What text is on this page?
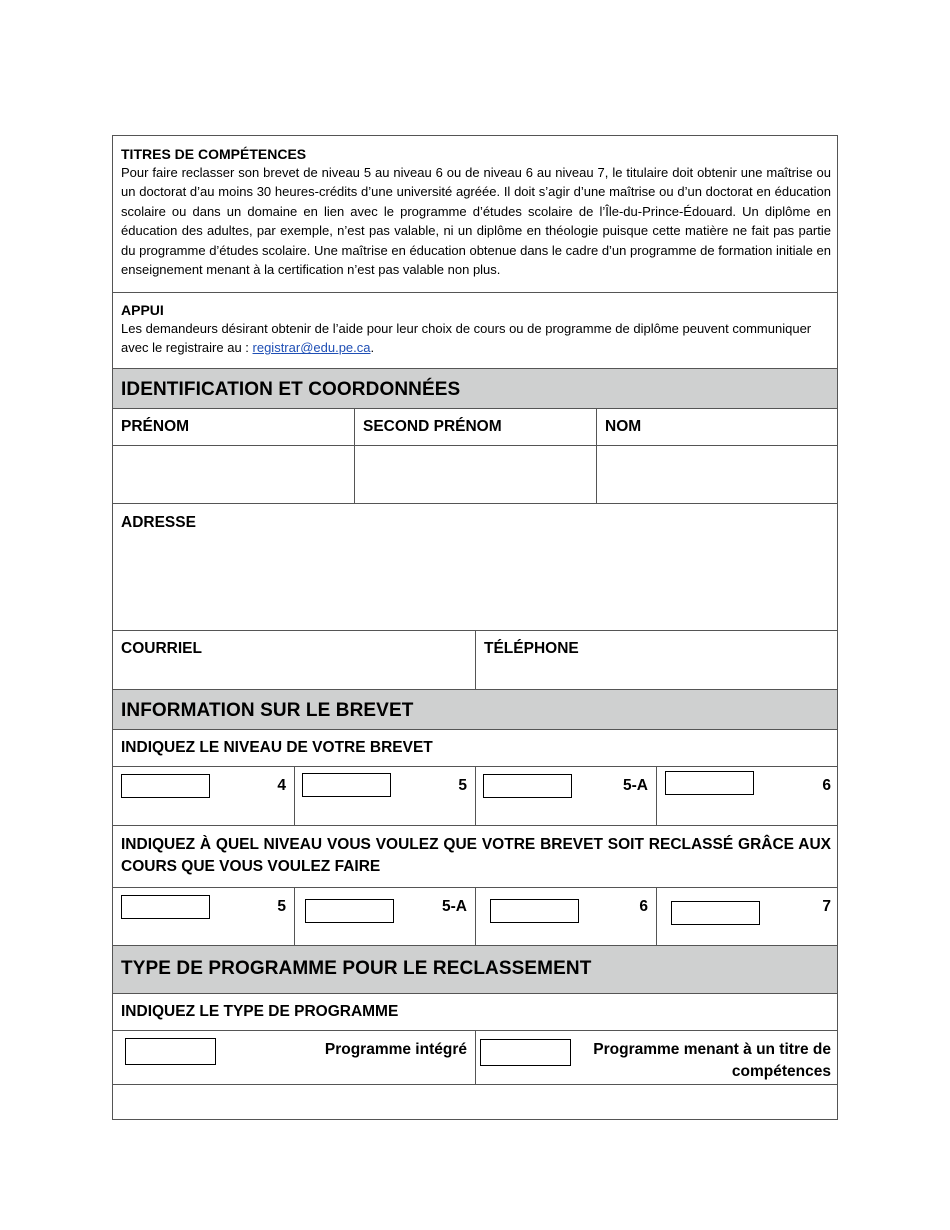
TITRES DE COMPÉTENCES

Pour faire reclasser son brevet de niveau 5 au niveau 6 ou de niveau 6 au niveau 7, le titulaire doit obtenir une maîtrise ou un doctorat d’au moins 30 heures-crédits d’une université agréée. Il doit s’agir d’une maîtrise ou d’un doctorat en éducation scolaire ou dans un domaine en lien avec le programme d’études scolaire de l’Île-du-Prince-Édouard. Un diplôme en éducation des adultes, par exemple, n’est pas valable, ni un diplôme en théologie puisque cette matière ne fait pas partie du programme d’études scolaire. Une maîtrise en éducation obtenue dans le cadre d’un programme de formation initiale en enseignement menant à la certification n’est pas valable non plus.

APPUI

Les demandeurs désirant obtenir de l’aide pour leur choix de cours ou de programme de diplôme peuvent communiquer avec le registraire au : registrar@edu.pe.ca.

IDENTIFICATION ET COORDONNÉES
PRÉNOM	SECOND PRÉNOM	NOM
ADRESSE
COURRIEL	TÉLÉPHONE
INFORMATION SUR LE BREVET
INDIQUEZ LE NIVEAU DE VOTRE BREVET
4	5	5-A	6
INDIQUEZ À QUEL NIVEAU VOUS VOULEZ QUE VOTRE BREVET SOIT RECLASSÉ GRÂCE AUX COURS QUE VOUS VOULEZ FAIRE
5	5-A	6	7
TYPE DE PROGRAMME POUR LE RECLASSEMENT
INDIQUEZ LE TYPE DE PROGRAMME
Programme intégré	Programme menant à un titre de compétences
